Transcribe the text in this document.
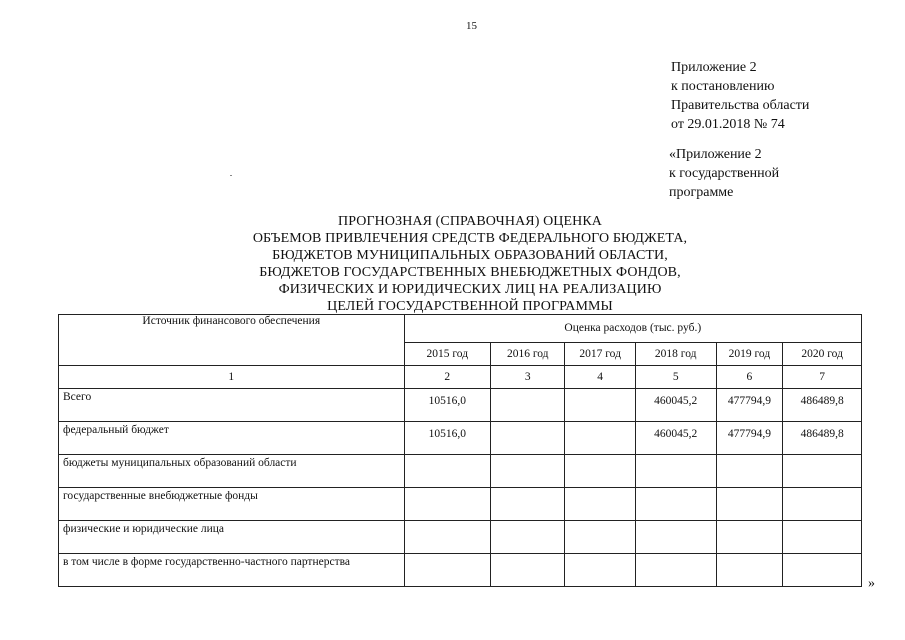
15
Приложение 2
к постановлению
Правительства области
от 29.01.2018 № 74
«Приложение 2
к государственной
программе
ПРОГНОЗНАЯ (СПРАВОЧНАЯ) ОЦЕНКА
ОБЪЕМОВ ПРИВЛЕЧЕНИЯ СРЕДСТВ ФЕДЕРАЛЬНОГО БЮДЖЕТА,
БЮДЖЕТОВ МУНИЦИПАЛЬНЫХ ОБРАЗОВАНИЙ ОБЛАСТИ,
БЮДЖЕТОВ ГОСУДАРСТВЕННЫХ ВНЕБЮДЖЕТНЫХ ФОНДОВ,
ФИЗИЧЕСКИХ И ЮРИДИЧЕСКИХ ЛИЦ НА РЕАЛИЗАЦИЮ
ЦЕЛЕЙ ГОСУДАРСТВЕННОЙ ПРОГРАММЫ
Источник финансового обеспечения	Оценка расходов (тыс. руб.)					
	2015 год	2016 год	2017 год	2018 год	2019 год	2020 год
1	2	3	4	5	6	7
Всего	10516,0			460045,2	477794,9	486489,8
федеральный бюджет	10516,0			460045,2	477794,9	486489,8
бюджеты муниципальных образований области						
государственные внебюджетные фонды						
физические и юридические лица						
в том числе в форме государственно-частного партнерства						
»
